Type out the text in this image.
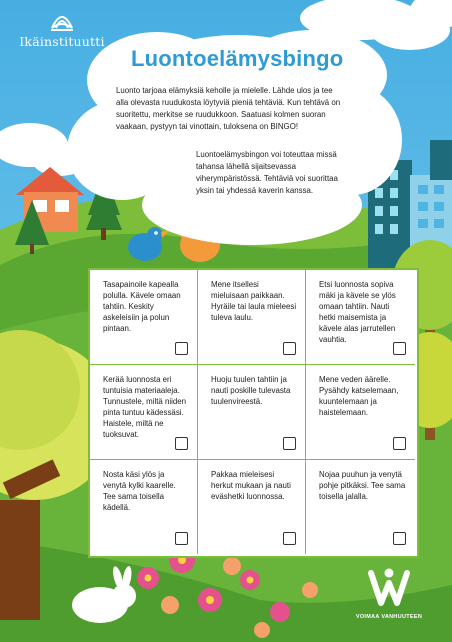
Ikäinstituutti
Luontoelämysbingo
Luonto tarjoaa elämyksiä keholle ja mielelle. Lähde ulos ja tee alla olevasta ruudukosta löytyviä pieniä tehtäviä. Kun tehtävä on suoritettu, merkitse se ruudukkoon. Saatuasi kolmen suoran vaakaan, pystyyn tai vinottain, tuloksena on BINGO!
Luontoelämysbingon voi toteuttaa missä tahansa lähellä sijaitsevassa viherympäristössä. Tehtäviä voi suorittaa yksin tai yhdessä kaverin kanssa.
Tasapainoile kapealla polulla. Kävele omaan tahtiin. Keskity askeleisiin ja polun pintaan.
Mene itsellesi mieluisaan paikkaan. Hyräile tai laula mieleesi tuleva laulu.
Etsi luonnosta sopiva mäki ja kävele se ylös omaan tahtiin. Nauti hetki maisemista ja kävele alas jarrutellen vauhtia.
Kerää luonnosta eri tuntuisia materiaaleja. Tunnustele, miltä niiden pinta tuntuu kädessäsi. Haistele, miltä ne tuoksuvat.
Huoju tuulen tahtiin ja nauti poskille tulevasta tuulenvireestä.
Mene veden äärelle. Pysähdy katselemaan, kuuntelemaan ja haistelemaan.
Nosta käsi ylös ja venytä kylki kaarelle. Tee sama toisella kädellä.
Pakkaa mieleisesi herkut mukaan ja nauti eväshetki luonnossa.
Nojaa puuhun ja venytä pohje pitkäksi. Tee sama toisella jalalla.
VOIMAA VANHUUTEEN
